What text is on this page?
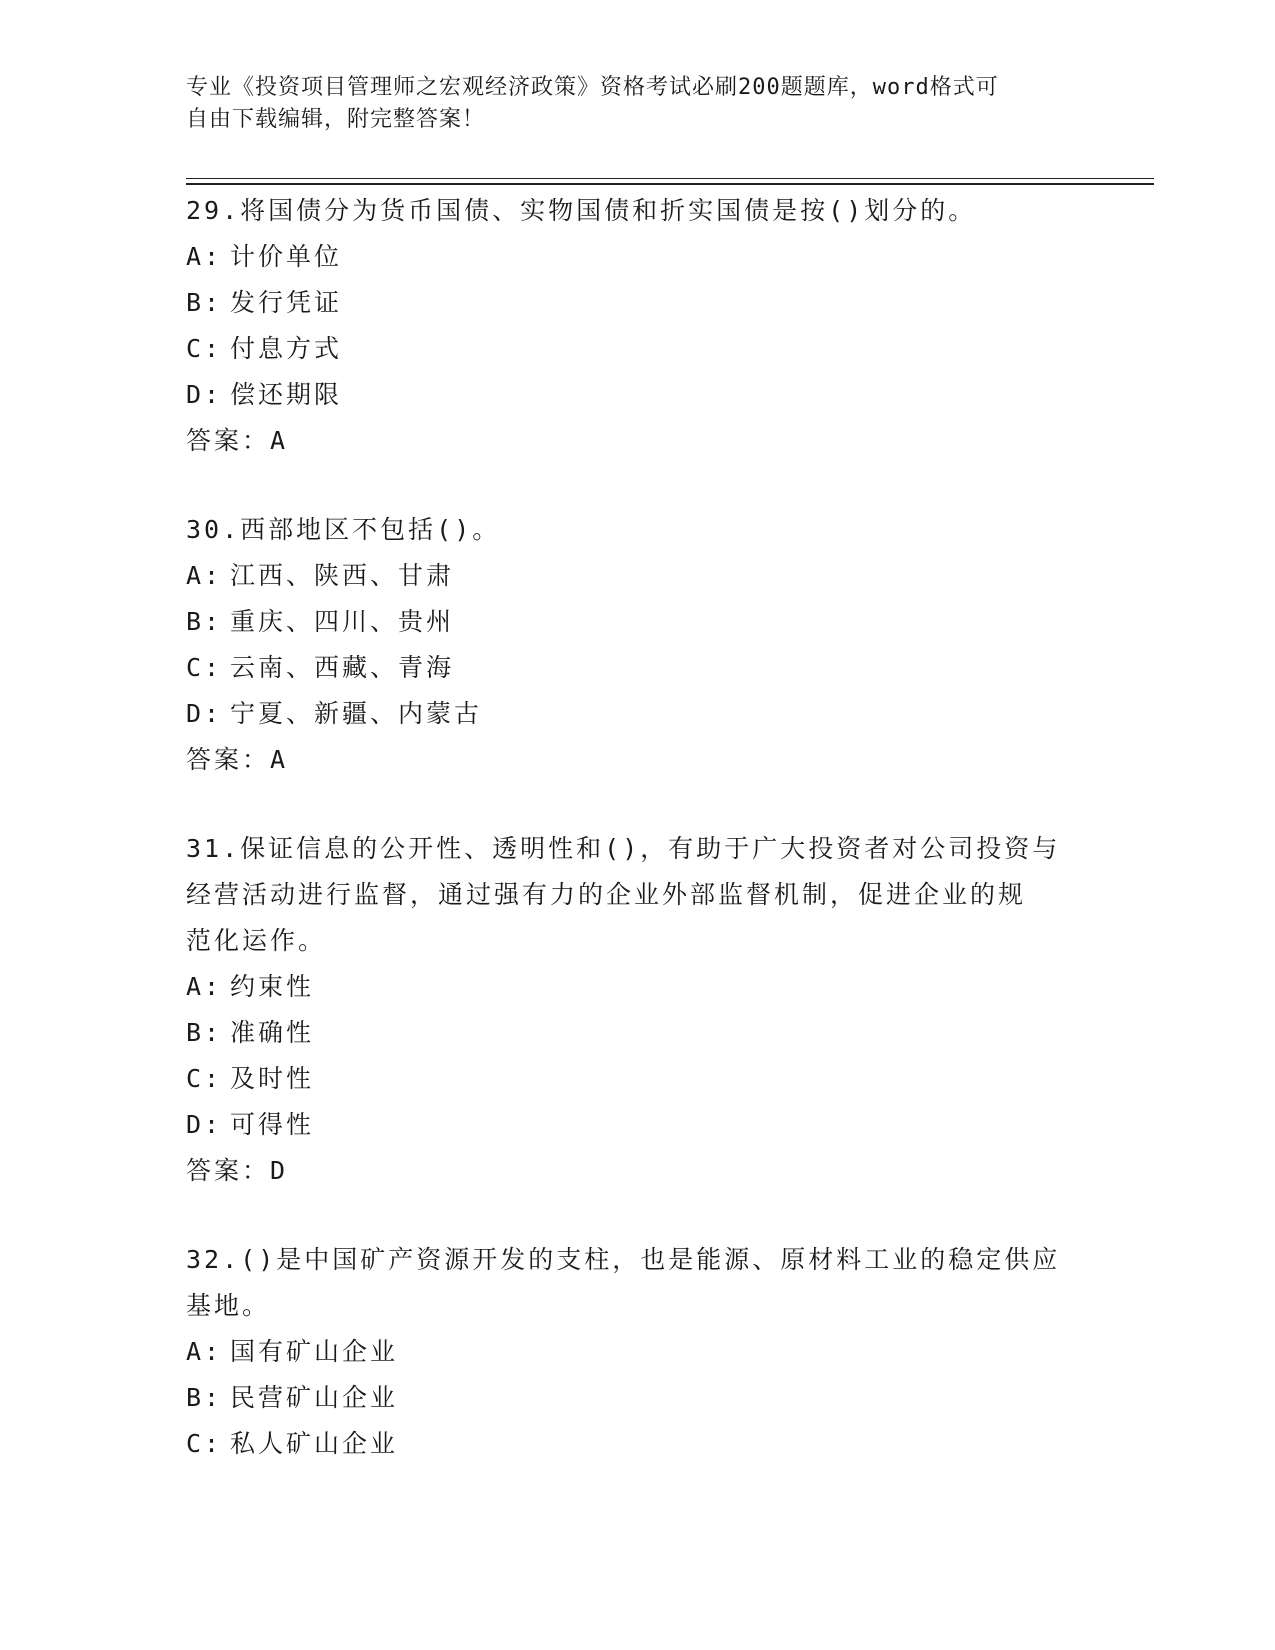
专业《投资项目管理师之宏观经济政策》资格考试必刷200题题库，word格式可
自由下载编辑，附完整答案！

29.将国债分为货币国债、实物国债和折实国债是按()划分的。

A: 计价单位

B: 发行凭证

C: 付息方式

D: 偿还期限

答案：A

30.西部地区不包括()。

A: 江西、陕西、甘肃

B: 重庆、四川、贵州

C: 云南、西藏、青海

D: 宁夏、新疆、内蒙古

答案：A

31.保证信息的公开性、透明性和()，有助于广大投资者对公司投资与

经营活动进行监督，通过强有力的企业外部监督机制，促进企业的规

范化运作。

A: 约束性

B: 准确性

C: 及时性

D: 可得性

答案：D

32.()是中国矿产资源开发的支柱，也是能源、原材料工业的稳定供应

基地。

A: 国有矿山企业

B: 民营矿山企业

C: 私人矿山企业
